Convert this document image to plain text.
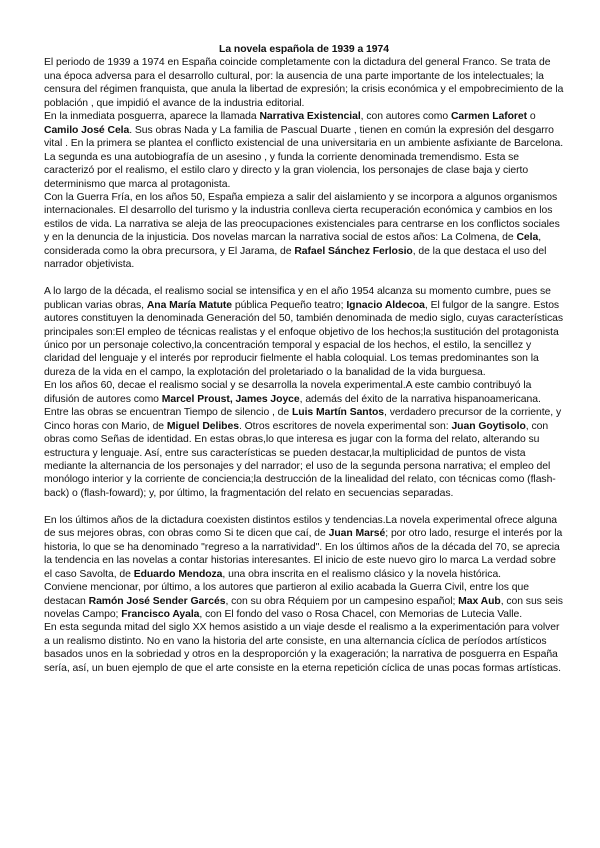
La novela española de 1939 a 1974

El periodo de 1939 a 1974 en España coincide completamente con la dictadura del general Franco. Se trata de una época adversa para el desarrollo cultural, por: la ausencia de una parte importante de los intelectuales; la censura del régimen franquista, que anula la libertad de expresión; la crisis económica y el empobrecimiento de la población , que impidió el avance de la industria editorial.

En la inmediata posguerra, aparece la llamada Narrativa Existencial, con autores como Carmen Laforet o Camilo José Cela. Sus obras Nada y La familia de Pascual Duarte , tienen en común la expresión del desgarro vital . En la primera se plantea el conflicto existencial de una universitaria en un ambiente asfixiante de Barcelona. La segunda es una autobiografía de un asesino , y funda la corriente denominada tremendismo. Esta se caracterizó por el realismo, el estilo claro y directo y la gran violencia, los personajes de clase baja y cierto determinismo que marca al protagonista.

Con la Guerra Fría, en los años 50, España empieza a salir del aislamiento y se incorpora a algunos organismos internacionales. El desarrollo del turismo y la industria conlleva cierta recuperación económica y cambios en los estilos de vida. La narrativa se aleja de las preocupaciones existenciales para centrarse en los conflictos sociales y en la denuncia de la injusticia. Dos novelas marcan la narrativa social de estos años: La Colmena, de Cela, considerada como la obra precursora, y El Jarama, de Rafael Sánchez Ferlosio, de la que destaca el uso del narrador objetivista.

A lo largo de la década, el realismo social se intensifica y en el año 1954 alcanza su momento cumbre, pues se publican varias obras, Ana María Matute pública Pequeño teatro; Ignacio Aldecoa, El fulgor de la sangre. Estos autores constituyen la denominada Generación del 50, también denominada de medio siglo, cuyas características principales son:El empleo de técnicas realistas y el enfoque objetivo de los hechos;la sustitución del protagonista único por un personaje colectivo,la concentración temporal y espacial de los hechos, el estilo, la sencillez y claridad del lenguaje y el interés por reproducir fielmente el habla coloquial. Los temas predominantes son la dureza de la vida en el campo, la explotación del proletariado o la banalidad de la vida burguesa.

En los años 60, decae el realismo social y se desarrolla la novela experimental.A este cambio contribuyó la difusión de autores como Marcel Proust, James Joyce, además del éxito de la narrativa hispanoamericana. Entre las obras se encuentran Tiempo de silencio , de Luis Martín Santos, verdadero precursor de la corriente, y Cinco horas con Mario, de Miguel Delibes. Otros escritores de novela experimental son: Juan Goytisolo, con obras como Señas de identidad. En estas obras,lo que interesa es jugar con la forma del relato, alterando su estructura y lenguaje. Así, entre sus características se pueden destacar,la multiplicidad de puntos de vista mediante la alternancia de los personajes y del narrador; el uso de la segunda persona narrativa; el empleo del monólogo interior y la corriente de conciencia;la destrucción de la linealidad del relato, con técnicas como (flash-back) o (flash-foward); y, por último, la fragmentación del relato en secuencias separadas.

En los últimos años de la dictadura coexisten distintos estilos y tendencias.La novela experimental ofrece alguna de sus mejores obras, con obras como Si te dicen que caí, de Juan Marsé; por otro lado, resurge el interés por la historia, lo que se ha denominado "regreso a la narratividad". En los últimos años de la década del 70, se aprecia la tendencia en las novelas a contar historias interesantes. El inicio de este nuevo giro lo marca La verdad sobre el caso Savolta, de Eduardo Mendoza, una obra inscrita en el realismo clásico y la novela histórica.

Conviene mencionar, por último, a los autores que partieron al exilio acabada la Guerra Civil, entre los que destacan Ramón José Sender Garcés, con su obra Réquiem por un campesino español; Max Aub, con sus seis novelas Campo; Francisco Ayala, con El fondo del vaso o Rosa Chacel, con Memorias de Lutecia Valle.

En esta segunda mitad del siglo XX hemos asistido a un viaje desde el realismo a la experimentación para volver a un realismo distinto. No en vano la historia del arte consiste, en una alternancia cíclica de períodos artísticos basados unos en la sobriedad y otros en la desproporción y la exageración; la narrativa de posguerra en España sería, así, un buen ejemplo de que el arte consiste en la eterna repetición cíclica de unas pocas formas artísticas.
